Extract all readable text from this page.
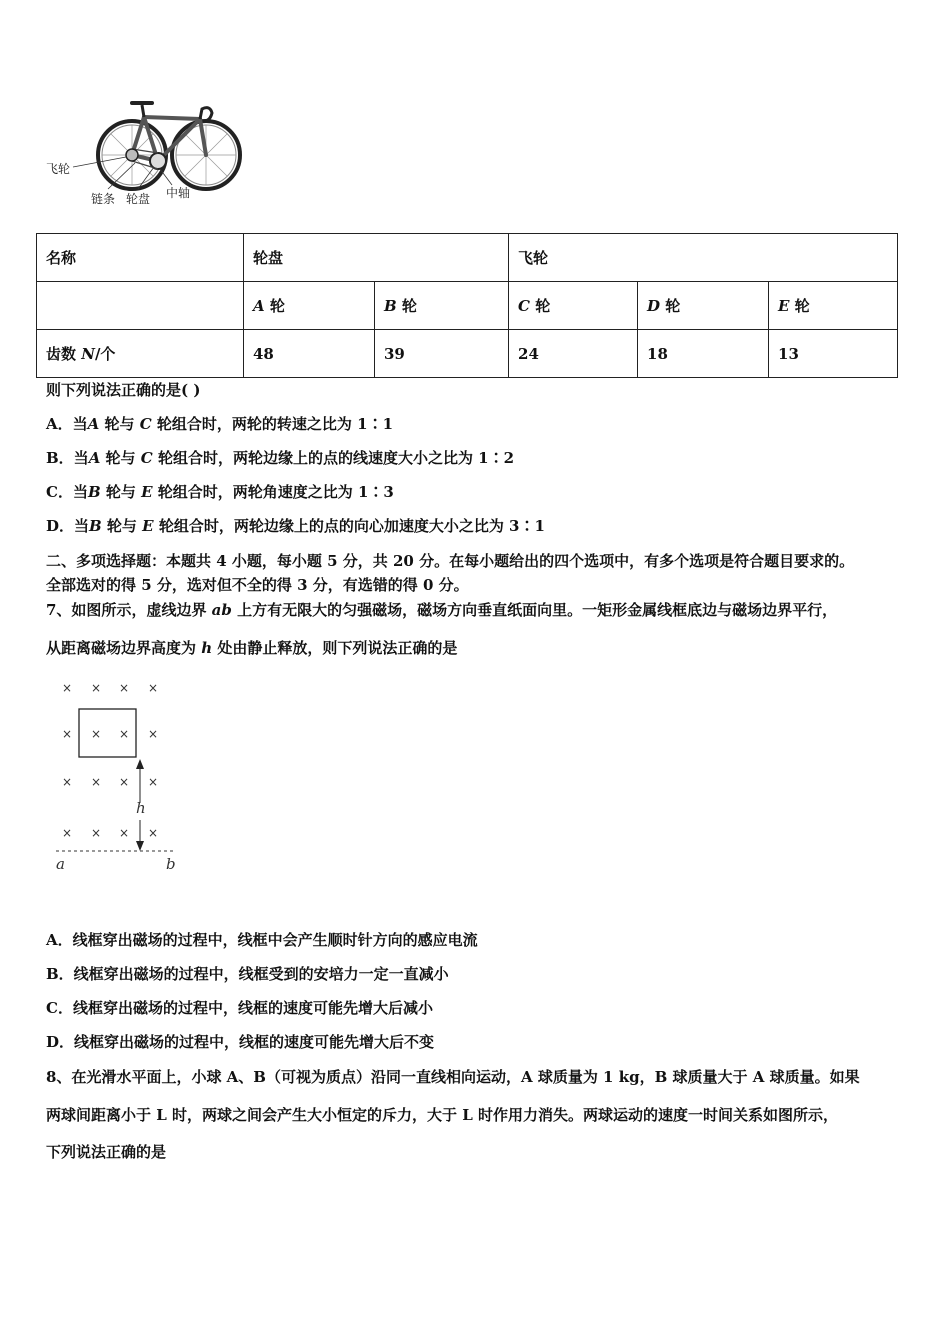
飞轮
链条 轮盘 中轴
名称	轮盘		飞轮		
	A 轮	B 轮	C 轮	D 轮	E 轮
齿数 N/个	48	39	24	18	13
则下列说法正确的是( )
A．当A 轮与 C 轮组合时，两轮的转速之比为 1∶1
B．当A 轮与 C 轮组合时，两轮边缘上的点的线速度大小之比为 1∶2
C．当B 轮与 E 轮组合时，两轮角速度之比为 1∶3
D．当B 轮与 E 轮组合时，两轮边缘上的点的向心加速度大小之比为 3∶1
二、多项选择题：本题共 4 小题，每小题 5 分，共 20 分。在每小题给出的四个选项中，有多个选项是符合题目要求的。
全部选对的得 5 分，选对但不全的得 3 分，有选错的得 0 分。
7、如图所示，虚线边界 ab 上方有无限大的匀强磁场，磁场方向垂直纸面向里。一矩形金属线框底边与磁场边界平行，
从距离磁场边界高度为 h 处由静止释放，则下列说法正确的是
× × × ×
× × × ×
× × × ×
× × × ×
h
a	b
A．线框穿出磁场的过程中，线框中会产生顺时针方向的感应电流
B．线框穿出磁场的过程中，线框受到的安培力一定一直减小
C．线框穿出磁场的过程中，线框的速度可能先增大后减小
D．线框穿出磁场的过程中，线框的速度可能先增大后不变
8、在光滑水平面上，小球 A、B（可视为质点）沿同一直线相向运动，A 球质量为 1 kg，B 球质量大于 A 球质量。如果
两球间距离小于 L 时，两球之间会产生大小恒定的斥力，大于 L 时作用力消失。两球运动的速度一时间关系如图所示，
下列说法正确的是
